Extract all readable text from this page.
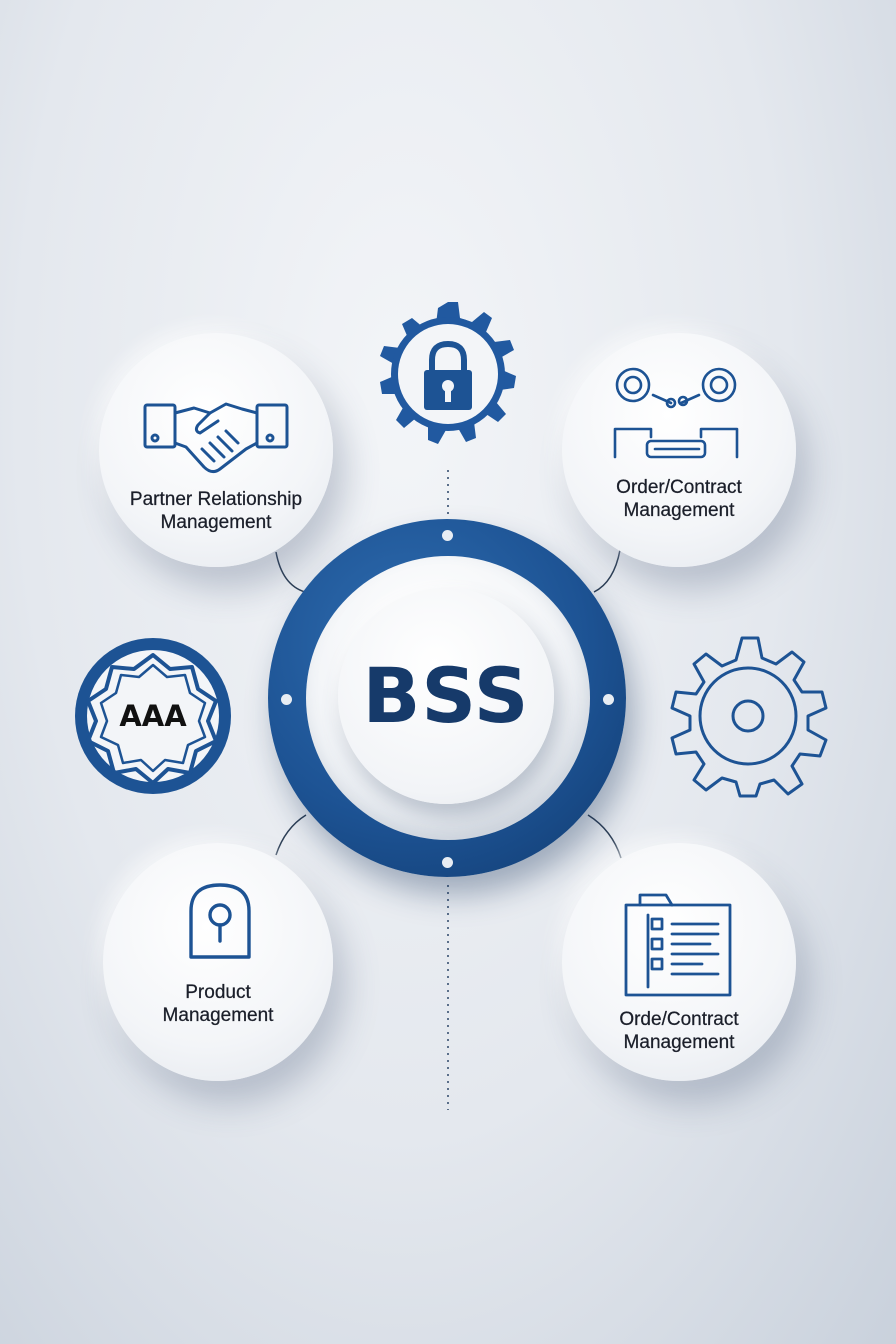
Partner Relationship
Management
Order/Contract
Management
Product
Management	Orde/Contract
Management
AAA	BSS
